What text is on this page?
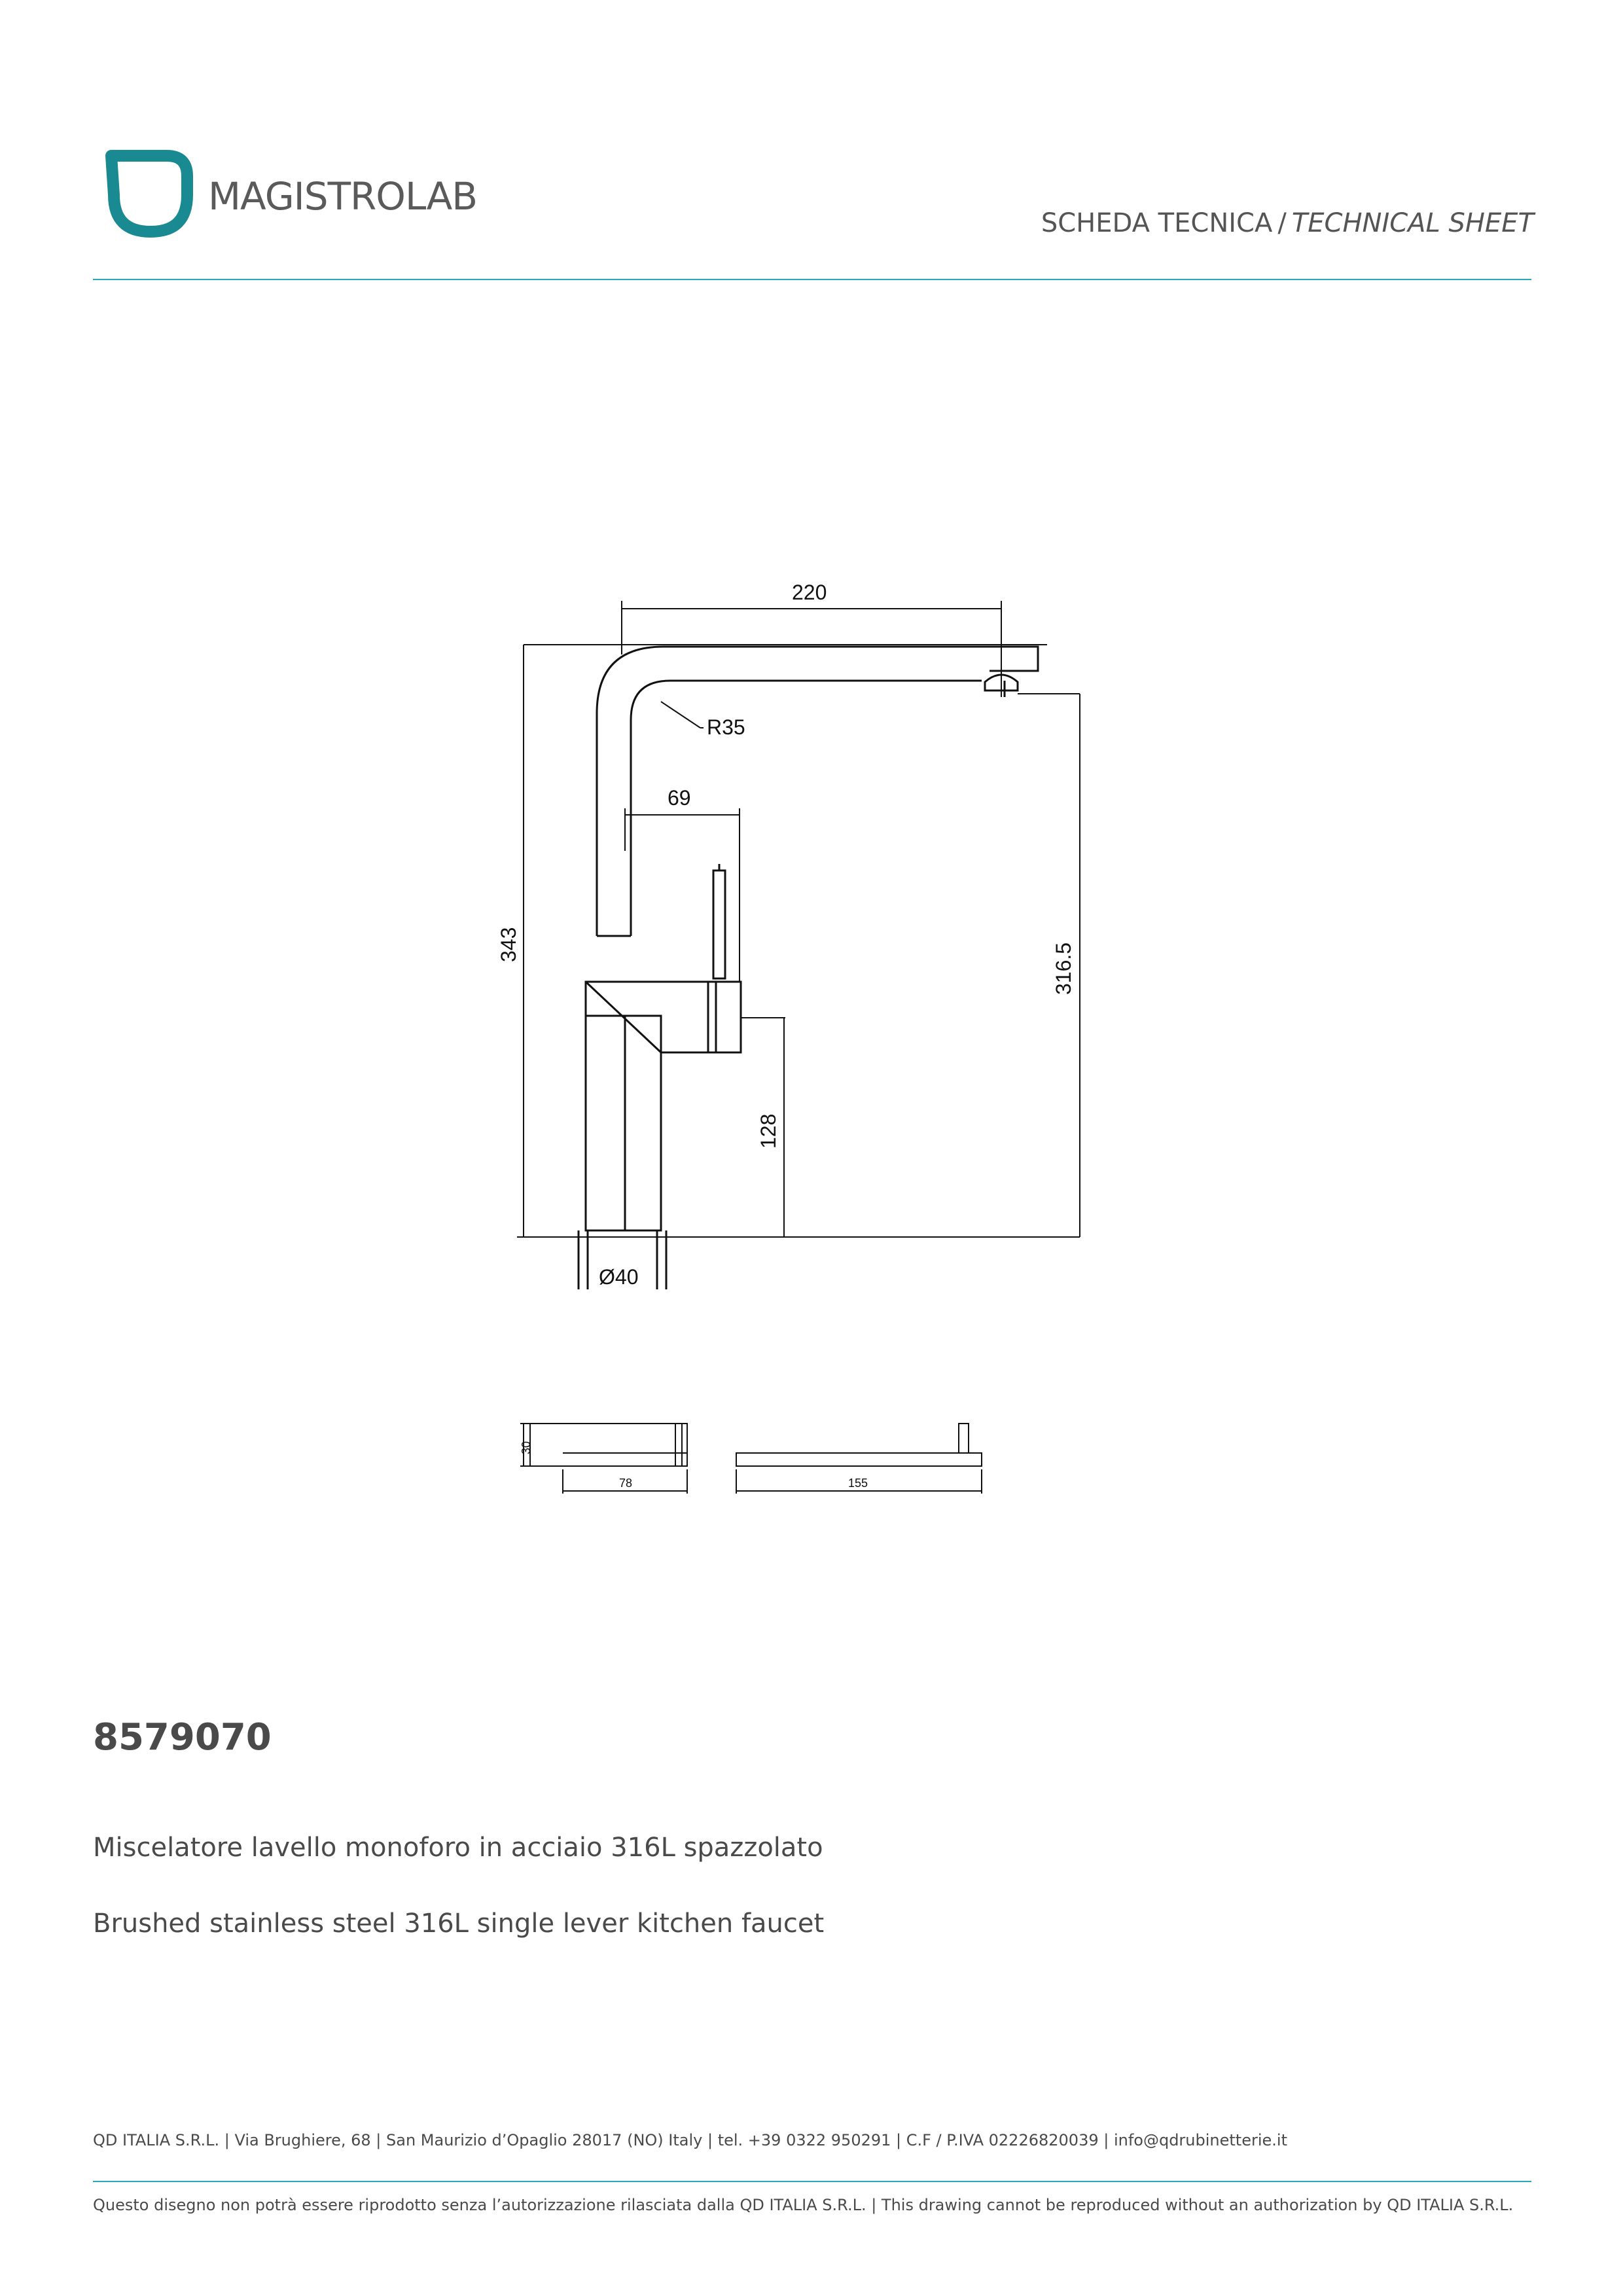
MAGISTROLAB
SCHEDA TECNICA / TECHNICAL SHEET
220
R35
69
343	316.5
128
Ø40
30
78	155
8579070
Miscelatore lavello monoforo in acciaio 316L spazzolato
Brushed stainless steel 316L single lever kitchen faucet
QD ITALIA S.R.L. | Via Brughiere, 68 | San Maurizio d’Opaglio 28017 (NO) Italy | tel. +39 0322 950291 | C.F / P.IVA 02226820039 | info@qdrubinetterie.it
Questo disegno non potrà essere riprodotto senza l’autorizzazione rilasciata dalla QD ITALIA S.R.L. | This drawing cannot be reproduced without an authorization by QD ITALIA S.R.L.
